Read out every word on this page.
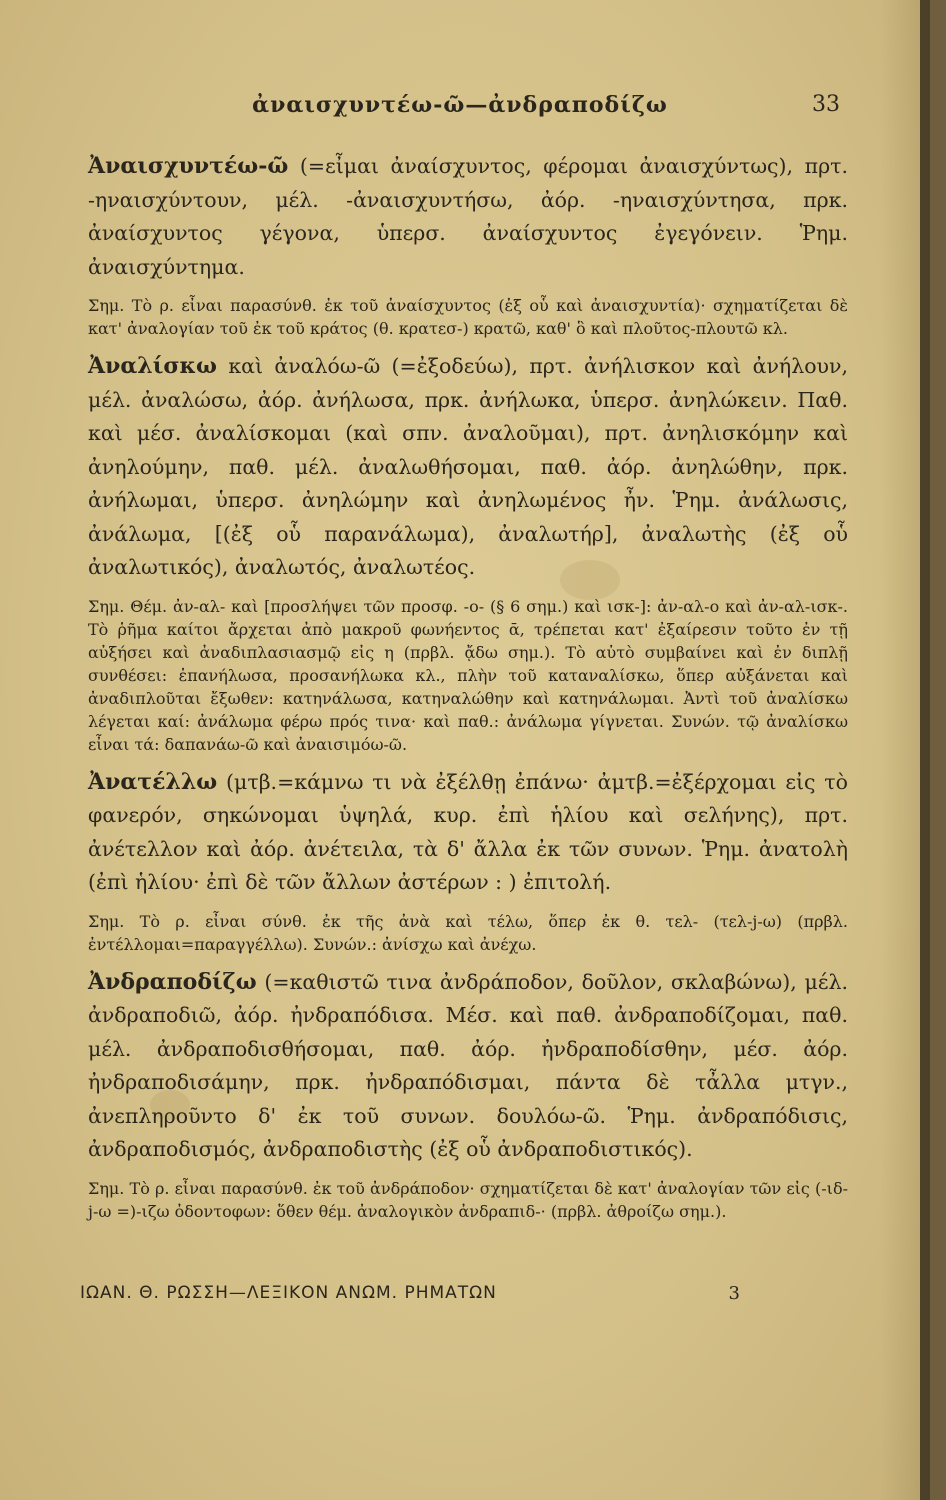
ἀναισχυντέω-ῶ—ἀνδραποδίζω	33

Ἀναισχυντέω-ῶ (=εἶμαι ἀναίσχυντος, φέρομαι ἀναισχύντως), πρτ. -ηναισχύντουν, μέλ. -ἀναισχυντήσω, ἀόρ. -ηναισχύντησα, πρκ. ἀναίσχυντος γέγονα, ὑπερσ. ἀναίσχυντος ἐγεγόνειν. Ῥημ. ἀναισχύντημα.

Σημ. Τὸ ρ. εἶναι παρασύνθ. ἐκ τοῦ ἀναίσχυντος (ἐξ οὗ καὶ ἀναισχυντία)· σχηματίζεται δὲ κατ' ἀναλογίαν τοῦ ἐκ τοῦ κράτος (θ. κρατεσ-) κρατῶ, καθ' ὃ καὶ πλοῦτος-πλουτῶ κλ.

Ἀναλίσκω καὶ ἀναλόω-ῶ (=ἐξοδεύω), πρτ. ἀνήλισκον καὶ ἀνήλουν, μέλ. ἀναλώσω, ἀόρ. ἀνήλωσα, πρκ. ἀνήλωκα, ὑπερσ. ἀνηλώκειν. Παθ. καὶ μέσ. ἀναλίσκομαι (καὶ σπν. ἀναλοῦμαι), πρτ. ἀνηλισκόμην καὶ ἀνηλούμην, παθ. μέλ. ἀναλωθήσομαι, παθ. ἀόρ. ἀνηλώθην, πρκ. ἀνήλωμαι, ὑπερσ. ἀνηλώμην καὶ ἀνηλωμένος ἦν. Ῥημ. ἀνάλωσις, ἀνάλωμα, [(ἐξ οὗ παρανάλωμα), ἀναλωτήρ], ἀναλωτὴς (ἐξ οὗ ἀναλωτικός), ἀναλωτός, ἀναλωτέος.

Σημ. Θέμ. ἀν-αλ- καὶ [προσλήψει τῶν προσφ. -ο- (§ 6 σημ.) καὶ ισκ-]: ἀν-αλ-ο καὶ ἀν-αλ-ισκ-. Τὸ ῥῆμα καίτοι ἄρχεται ἀπὸ μακροῦ φωνήεντος ᾱ, τρέπεται κατ' ἐξαίρεσιν τοῦτο ἐν τῇ αὐξήσει καὶ ἀναδιπλασιασμῷ εἰς η (πρβλ. ᾄδω σημ.). Τὸ αὐτὸ συμβαίνει καὶ ἐν διπλῇ συνθέσει: ἐπανήλωσα, προσανήλωκα κλ., πλὴν τοῦ καταναλίσκω, ὅπερ αὐξάνεται καὶ ἀναδιπλοῦται ἔξωθεν: κατηνάλωσα, κατηναλώθην καὶ κατηνάλωμαι. Ἀντὶ τοῦ ἀναλίσκω λέγεται καί: ἀνάλωμα φέρω πρός τινα· καὶ παθ.: ἀνάλωμα γίγνεται. Συνών. τῷ ἀναλίσκω εἶναι τά: δαπανάω-ῶ καὶ ἀναισιμόω-ῶ.

Ἀνατέλλω (μτβ.=κάμνω τι νὰ ἐξέλθῃ ἐπάνω· ἀμτβ.=ἐξέρχομαι εἰς τὸ φανερόν, σηκώνομαι ὑψηλά, κυρ. ἐπὶ ἡλίου καὶ σελήνης), πρτ. ἀνέτελλον καὶ ἀόρ. ἀνέτειλα, τὰ δ' ἄλλα ἐκ τῶν συνων. Ῥημ. ἀνατολὴ (ἐπὶ ἡλίου· ἐπὶ δὲ τῶν ἄλλων ἀστέρων : ) ἐπιτολή.

Σημ. Τὸ ρ. εἶναι σύνθ. ἐκ τῆς ἀνὰ καὶ τέλω, ὅπερ ἐκ θ. τελ- (τελ-j-ω) (πρβλ. ἐντέλλομαι=παραγγέλλω). Συνών.: ἀνίσχω καὶ ἀνέχω.

Ἀνδραποδίζω (=καθιστῶ τινα ἀνδράποδον, δοῦλον, σκλαβώνω), μέλ. ἀνδραποδιῶ, ἀόρ. ἠνδραπόδισα. Μέσ. καὶ παθ. ἀνδραποδίζομαι, παθ. μέλ. ἀνδραποδισθήσομαι, παθ. ἀόρ. ἠνδραποδίσθην, μέσ. ἀόρ. ἠνδραποδισάμην, πρκ. ἠνδραπόδισμαι, πάντα δὲ τἆλλα μτγν., ἀνεπληροῦντο δ' ἐκ τοῦ συνων. δουλόω-ῶ. Ῥημ. ἀνδραπόδισις, ἀνδραποδισμός, ἀνδραποδιστὴς (ἐξ οὗ ἀνδραποδιστικός).

Σημ. Τὸ ρ. εἶναι παρασύνθ. ἐκ τοῦ ἀνδράποδον· σχηματίζεται δὲ κατ' ἀναλογίαν τῶν εἰς (-ιδ-j-ω =)-ιζω ὀδοντοφων: ὅθεν θέμ. ἀναλογικὸν ἀνδραπιδ-· (πρβλ. ἀθροίζω σημ.).

ΙΩΑΝ. Θ. ΡΩΣΣΗ—ΛΕΞΙΚΟΝ ΑΝΩΜ. ΡΗΜΑΤΩΝ	3
